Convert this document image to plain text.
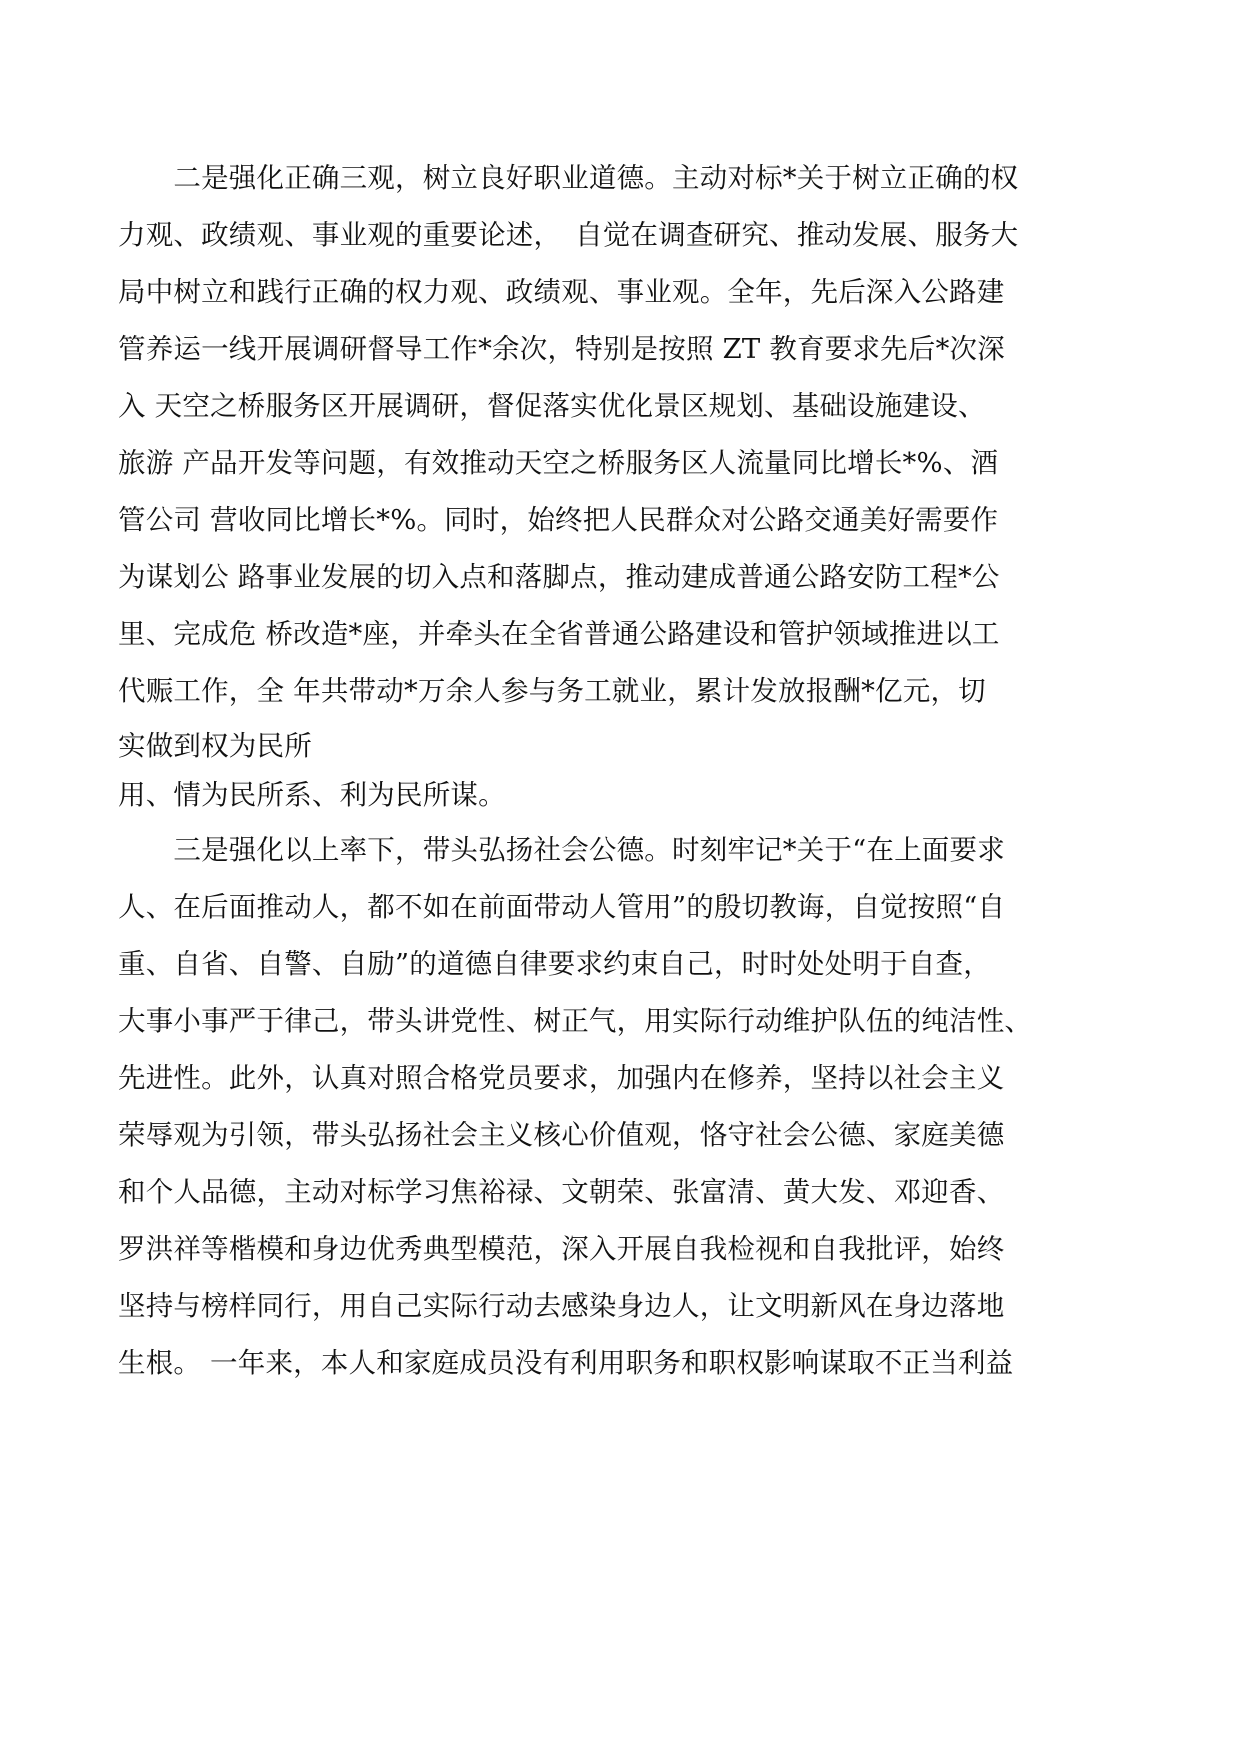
　　二是强化正确三观，树立良好职业道德。主动对标*关于树立正确的权
力观、政绩观、事业观的重要论述，　自觉在调查研究、推动发展、服务大
局中树立和践行正确的权力观、政绩观、事业观。全年，先后深入公路建
管养运一线开展调研督导工作*余次，特别是按照 ZT 教育要求先后*次深
入 天空之桥服务区开展调研，督促落实优化景区规划、基础设施建设、
旅游 产品开发等问题，有效推动天空之桥服务区人流量同比增长*%、酒
管公司 营收同比增长*%。同时，始终把人民群众对公路交通美好需要作
为谋划公 路事业发展的切入点和落脚点，推动建成普通公路安防工程*公
里、完成危 桥改造*座，并牵头在全省普通公路建设和管护领域推进以工
代赈工作，全 年共带动*万余人参与务工就业，累计发放报酬*亿元，切
实做到权为民所
用、情为民所系、利为民所谋。
　　三是强化以上率下，带头弘扬社会公德。时刻牢记*关于“在上面要求
人、在后面推动人，都不如在前面带动人管用”的殷切教诲，自觉按照“自
重、自省、自警、自励”的道德自律要求约束自己，时时处处明于自查，
大事小事严于律己，带头讲党性、树正气，用实际行动维护队伍的纯洁性、
先进性。此外，认真对照合格党员要求，加强内在修养，坚持以社会主义
荣辱观为引领，带头弘扬社会主义核心价值观，恪守社会公德、家庭美德
和个人品德，主动对标学习焦裕禄、文朝荣、张富清、黄大发、邓迎香、
罗洪祥等楷模和身边优秀典型模范，深入开展自我检视和自我批评，始终
坚持与榜样同行，用自己实际行动去感染身边人，让文明新风在身边落地
生根。 一年来，本人和家庭成员没有利用职务和职权影响谋取不正当利益
